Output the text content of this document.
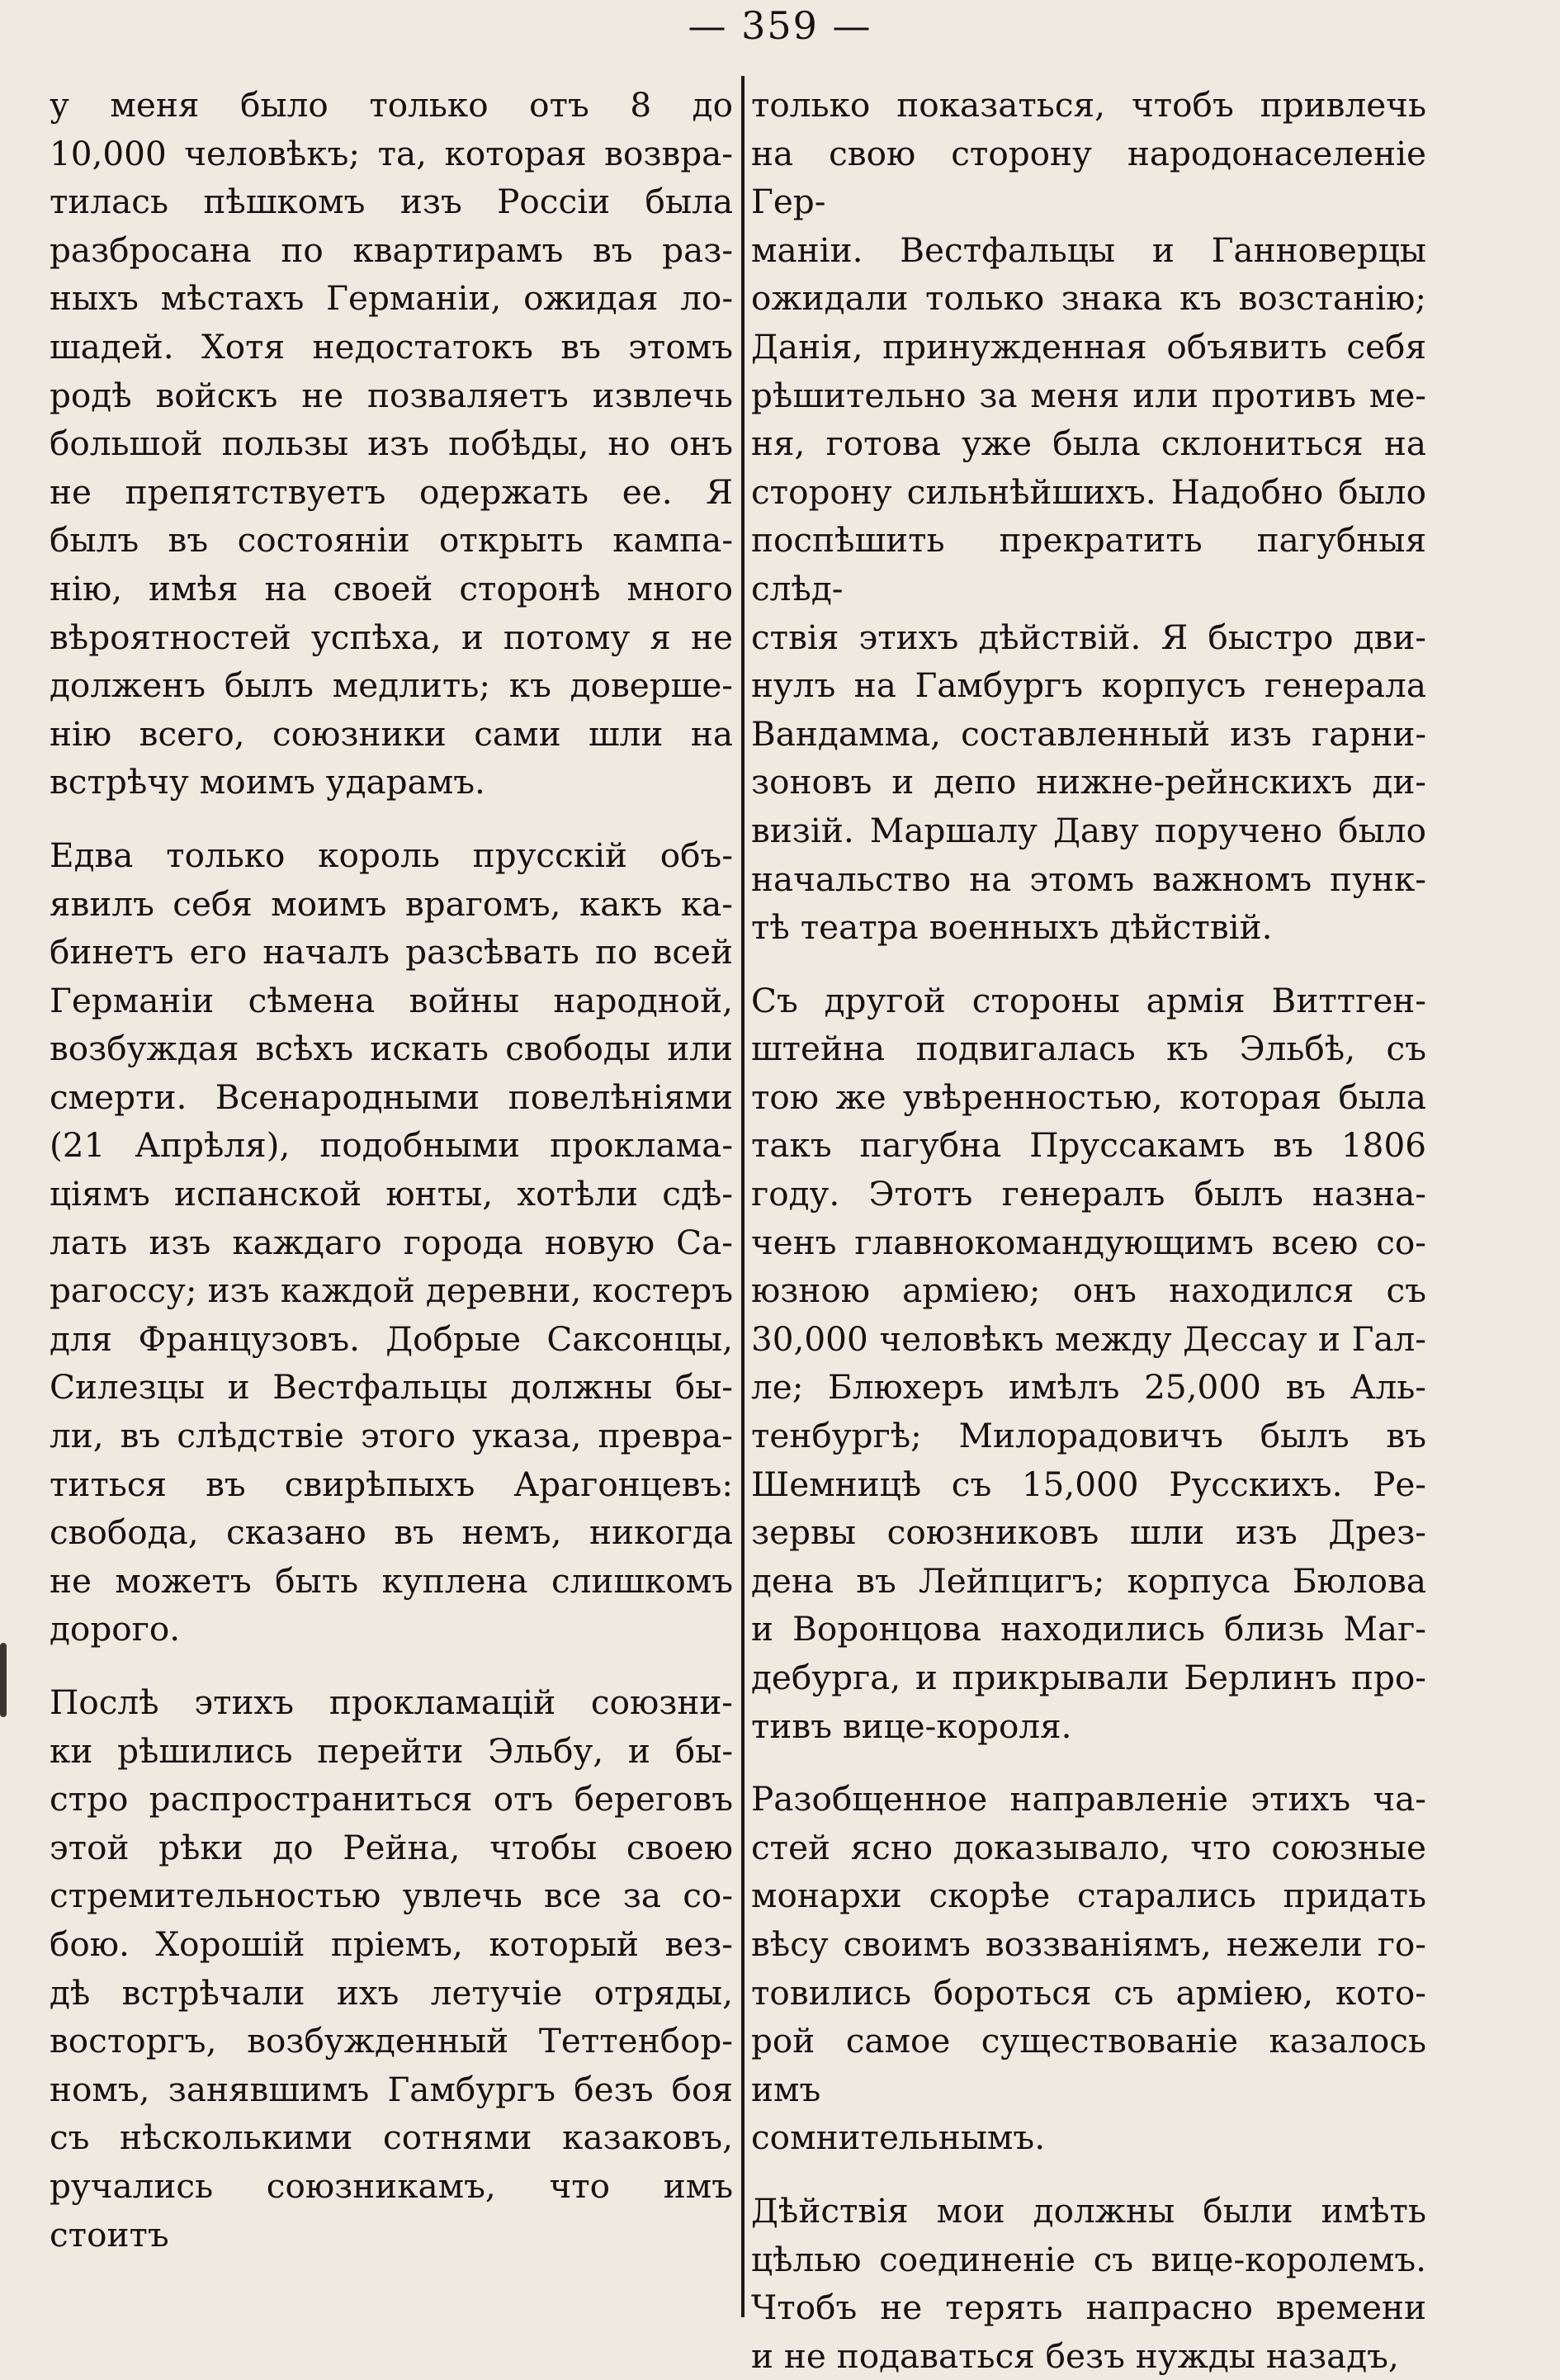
— 359 —

у меня было только отъ 8 до
10,000 человѣкъ; та, которая возвра-
тилась пѣшкомъ изъ Россіи была
разбросана по квартирамъ въ раз-
ныхъ мѣстахъ Германіи, ожидая ло-
шадей. Хотя недостатокъ въ этомъ
родѣ войскъ не позваляетъ извлечь
большой пользы изъ побѣды, но онъ
не препятствуетъ одержать ее. Я
былъ въ состояніи открыть кампа-
нію, имѣя на своей сторонѣ много
вѣроятностей успѣха, и потому я не
долженъ былъ медлить; къ доверше-
нію всего, союзники сами шли на
встрѣчу моимъ ударамъ.

Едва только король прусскій объ-
явилъ себя моимъ врагомъ, какъ ка-
бинетъ его началъ разсѣвать по всей
Германіи сѣмена войны народной,
возбуждая всѣхъ искать свободы или
смерти. Всенародными повелѣніями
(21 Апрѣля), подобными проклама-
ціямъ испанской юнты, хотѣли сдѣ-
лать изъ каждаго города новую Са-
рагоссу; изъ каждой деревни, костеръ
для Французовъ. Добрые Саксонцы,
Силезцы и Вестфальцы должны бы-
ли, въ слѣдствіе этого указа, превра-
титься въ свирѣпыхъ Арагонцевъ:
свобода, сказано въ немъ, никогда
не можетъ быть куплена слишкомъ
дорого.

Послѣ этихъ прокламацій союзни-
ки рѣшились перейти Эльбу, и бы-
стро распространиться отъ береговъ
этой рѣки до Рейна, чтобы своею
стремительностью увлечь все за со-
бою. Хорошій пріемъ, который вез-
дѣ встрѣчали ихъ летучіе отряды,
восторгъ, возбужденный Теттенбор-
номъ, занявшимъ Гамбургъ безъ боя
съ нѣсколькими сотнями казаковъ,
ручались союзникамъ, что имъ стоитъ

только показаться, чтобъ привлечь
на свою сторону народонаселеніе Гер-
маніи. Вестфальцы и Ганноверцы
ожидали только знака къ возстанію;
Данія, принужденная объявить себя
рѣшительно за меня или противъ ме-
ня, готова уже была склониться на
сторону сильнѣйшихъ. Надобно было
поспѣшить прекратить пагубныя слѣд-
ствія этихъ дѣйствій. Я быстро дви-
нулъ на Гамбургъ корпусъ генерала
Вандамма, составленный изъ гарни-
зоновъ и депо нижне-рейнскихъ ди-
визій. Маршалу Даву поручено было
начальство на этомъ важномъ пунк-
тѣ театра военныхъ дѣйствій.

Съ другой стороны армія Виттген-
штейна подвигалась къ Эльбѣ, съ
тою же увѣренностью, которая была
такъ пагубна Пруссакамъ въ 1806
году. Этотъ генералъ былъ назна-
ченъ главнокомандующимъ всею со-
юзною арміею; онъ находился съ
30,000 человѣкъ между Дессау и Гал-
ле; Блюхеръ имѣлъ 25,000 въ Аль-
тенбургѣ; Милорадовичъ былъ въ
Шемницѣ съ 15,000 Русскихъ. Ре-
зервы союзниковъ шли изъ Дрез-
дена въ Лейпцигъ; корпуса Бюлова
и Воронцова находились близь Маг-
дебурга, и прикрывали Берлинъ про-
тивъ вице-короля.

Разобщенное направленіе этихъ ча-
стей ясно доказывало, что союзные
монархи скорѣе старались придать
вѣсу своимъ воззваніямъ, нежели го-
товились бороться съ арміею, кото-
рой самое существованіе казалось имъ
сомнительнымъ.

Дѣйствія мои должны были имѣть
цѣлью соединеніе съ вице-королемъ.
Чтобъ не терять напрасно времени
и не подаваться безъ нужды назадъ,
